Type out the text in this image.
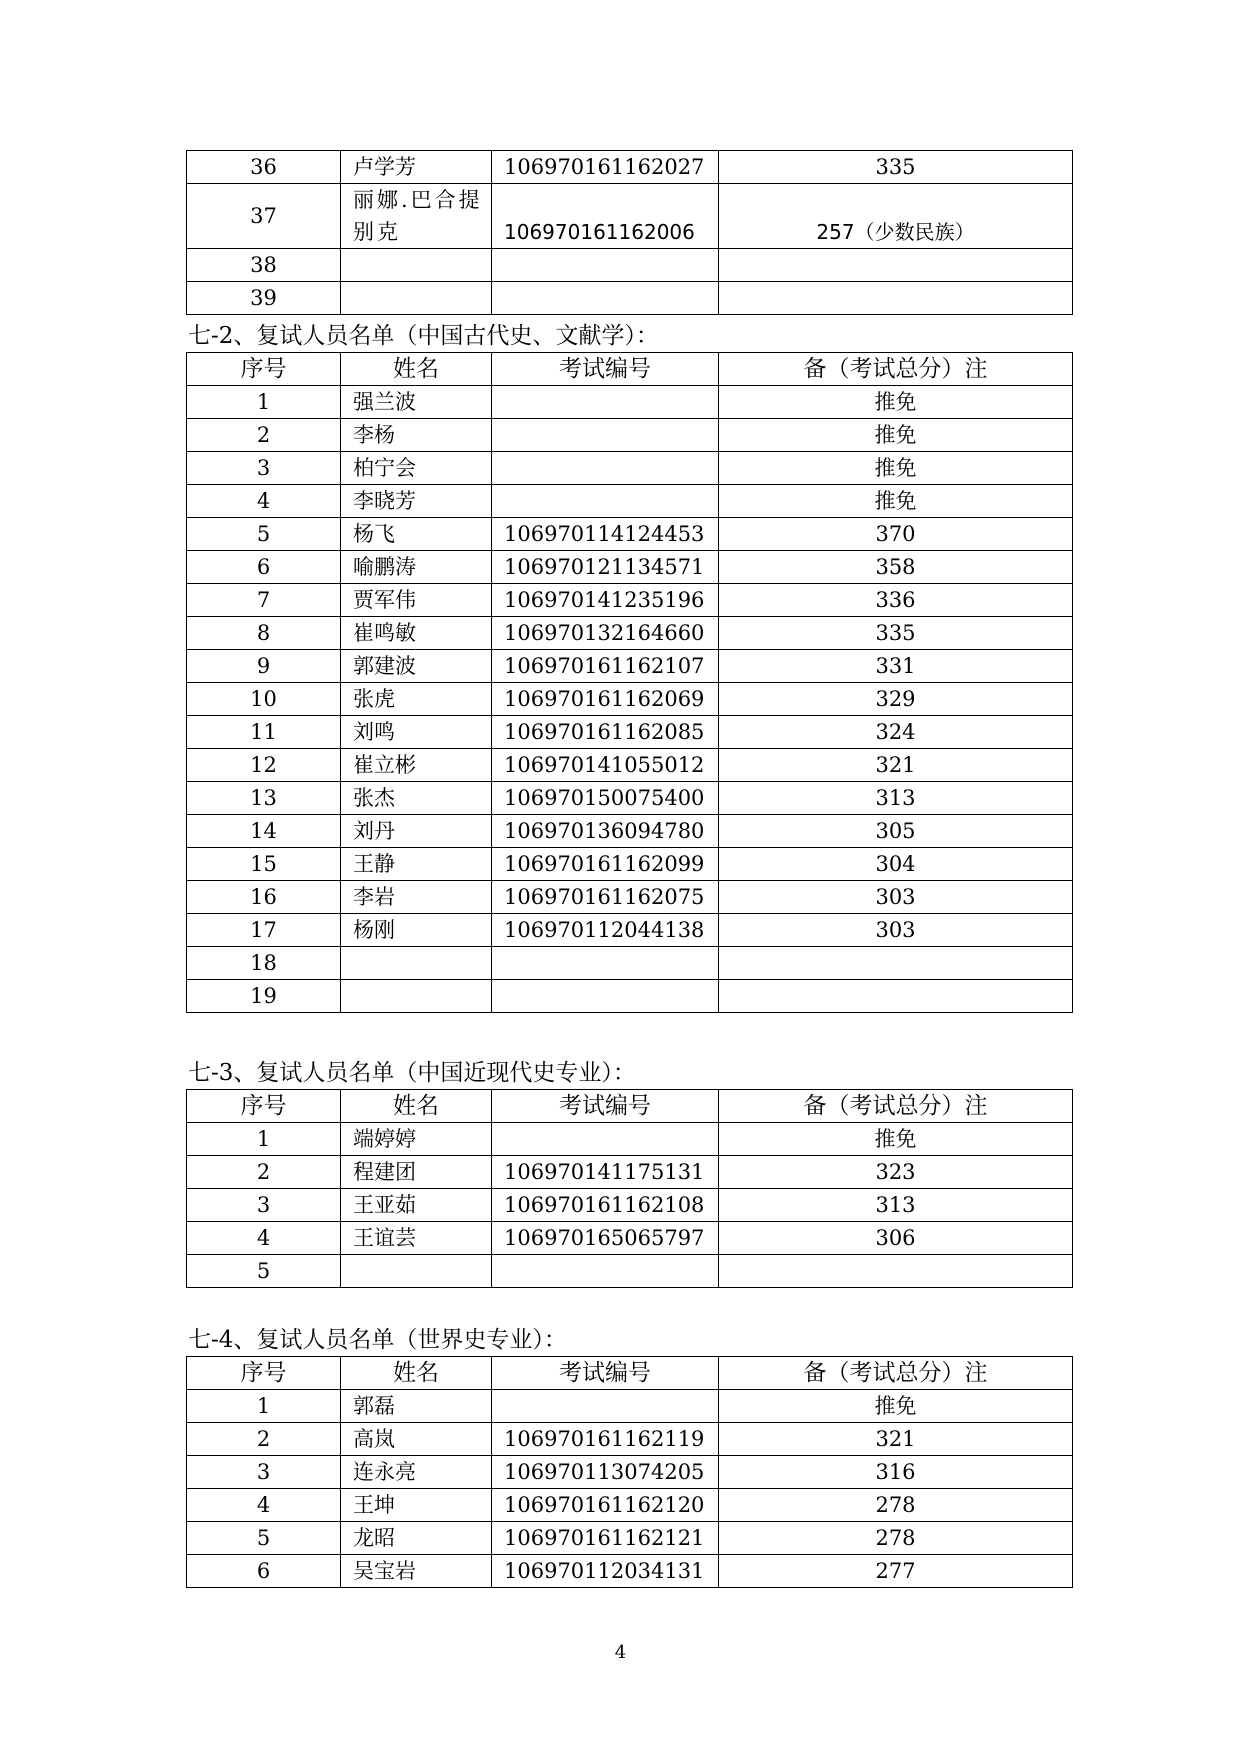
36	卢学芳	106970161162027	335
37	丽娜.巴合提别克	106970161162006	257（少数民族）
38			
39			
七-2、复试人员名单（中国古代史、文献学）：
序号	姓名	考试编号	备（考试总分）注
1	强兰波		推免
2	李杨		推免
3	柏宁会		推免
4	李晓芳		推免
5	杨飞	106970114124453	370
6	喻鹏涛	106970121134571	358
7	贾军伟	106970141235196	336
8	崔鸣敏	106970132164660	335
9	郭建波	106970161162107	331
10	张虎	106970161162069	329
11	刘鸣	106970161162085	324
12	崔立彬	106970141055012	321
13	张杰	106970150075400	313
14	刘丹	106970136094780	305
15	王静	106970161162099	304
16	李岩	106970161162075	303
17	杨刚	106970112044138	303
18			
19			
七-3、复试人员名单（中国近现代史专业）：
序号	姓名	考试编号	备（考试总分）注
1	端婷婷		推免
2	程建团	106970141175131	323
3	王亚茹	106970161162108	313
4	王谊芸	106970165065797	306
5			
七-4、复试人员名单（世界史专业）：
序号	姓名	考试编号	备（考试总分）注
1	郭磊		推免
2	高岚	106970161162119	321
3	连永亮	106970113074205	316
4	王坤	106970161162120	278
5	龙昭	106970161162121	278
6	吴宝岩	106970112034131	277
4
